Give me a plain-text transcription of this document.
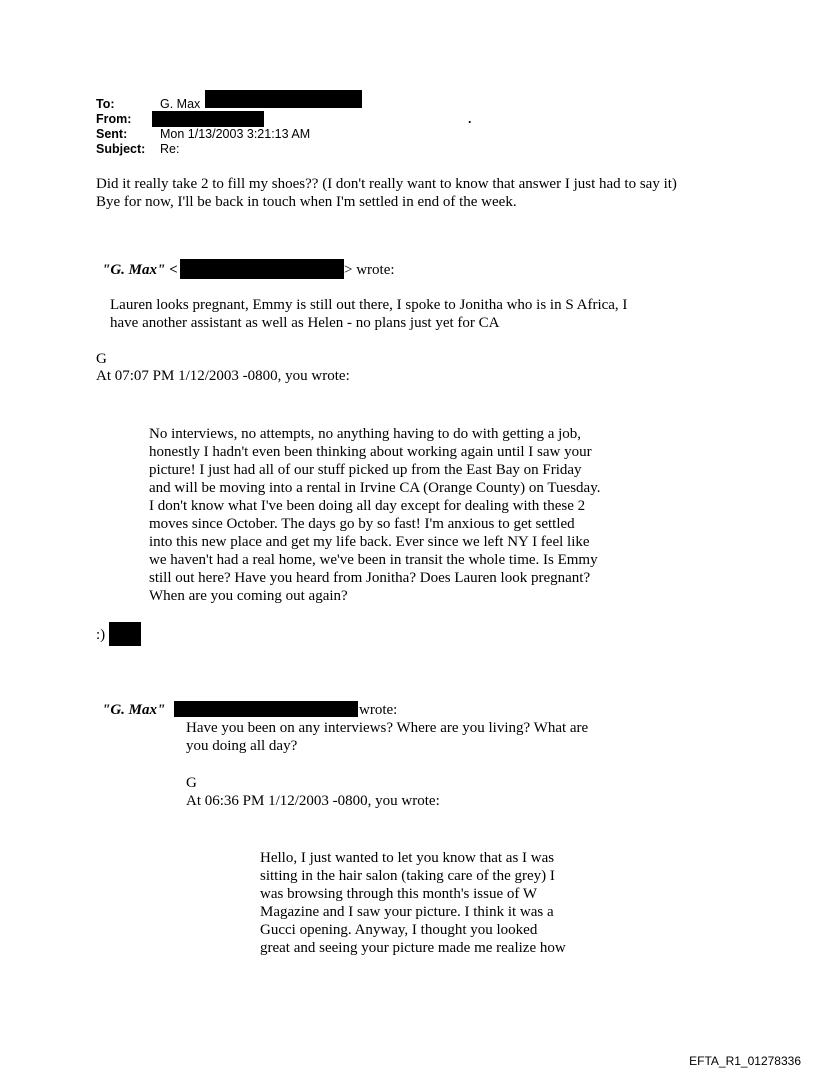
To:	G. Max
From:	.
Sent:	Mon 1/13/2003 3:21:13 AM
Subject: Re:
Did it really take 2 to fill my shoes?? (I don't really want to know that answer I just had to say it)
Bye for now, I'll be back in touch when I'm settled in end of the week.
"G. Max" <	> wrote:
Lauren looks pregnant, Emmy is still out there, I spoke to Jonitha who is in S Africa, I
have another assistant as well as Helen - no plans just yet for CA
G
At 07:07 PM 1/12/2003 -0800, you wrote:
No interviews, no attempts, no anything having to do with getting a job,
honestly I hadn't even been thinking about working again until I saw your
picture! I just had all of our stuff picked up from the East Bay on Friday
and will be moving into a rental in Irvine CA (Orange County) on Tuesday.
I don't know what I've been doing all day except for dealing with these 2
moves since October. The days go by so fast! I'm anxious to get settled
into this new place and get my life back. Ever since we left NY I feel like
we haven't had a real home, we've been in transit the whole time. Is Emmy
still out here? Have you heard from Jonitha? Does Lauren look pregnant?
When are you coming out again?
:)
"G. Max"	wrote:
Have you been on any interviews? Where are you living? What are
you doing all day?
G
At 06:36 PM 1/12/2003 -0800, you wrote:
Hello, I just wanted to let you know that as I was
sitting in the hair salon (taking care of the grey) I
was browsing through this month's issue of W
Magazine and I saw your picture. I think it was a
Gucci opening. Anyway, I thought you looked
great and seeing your picture made me realize how
EFTA_R1_01278336
